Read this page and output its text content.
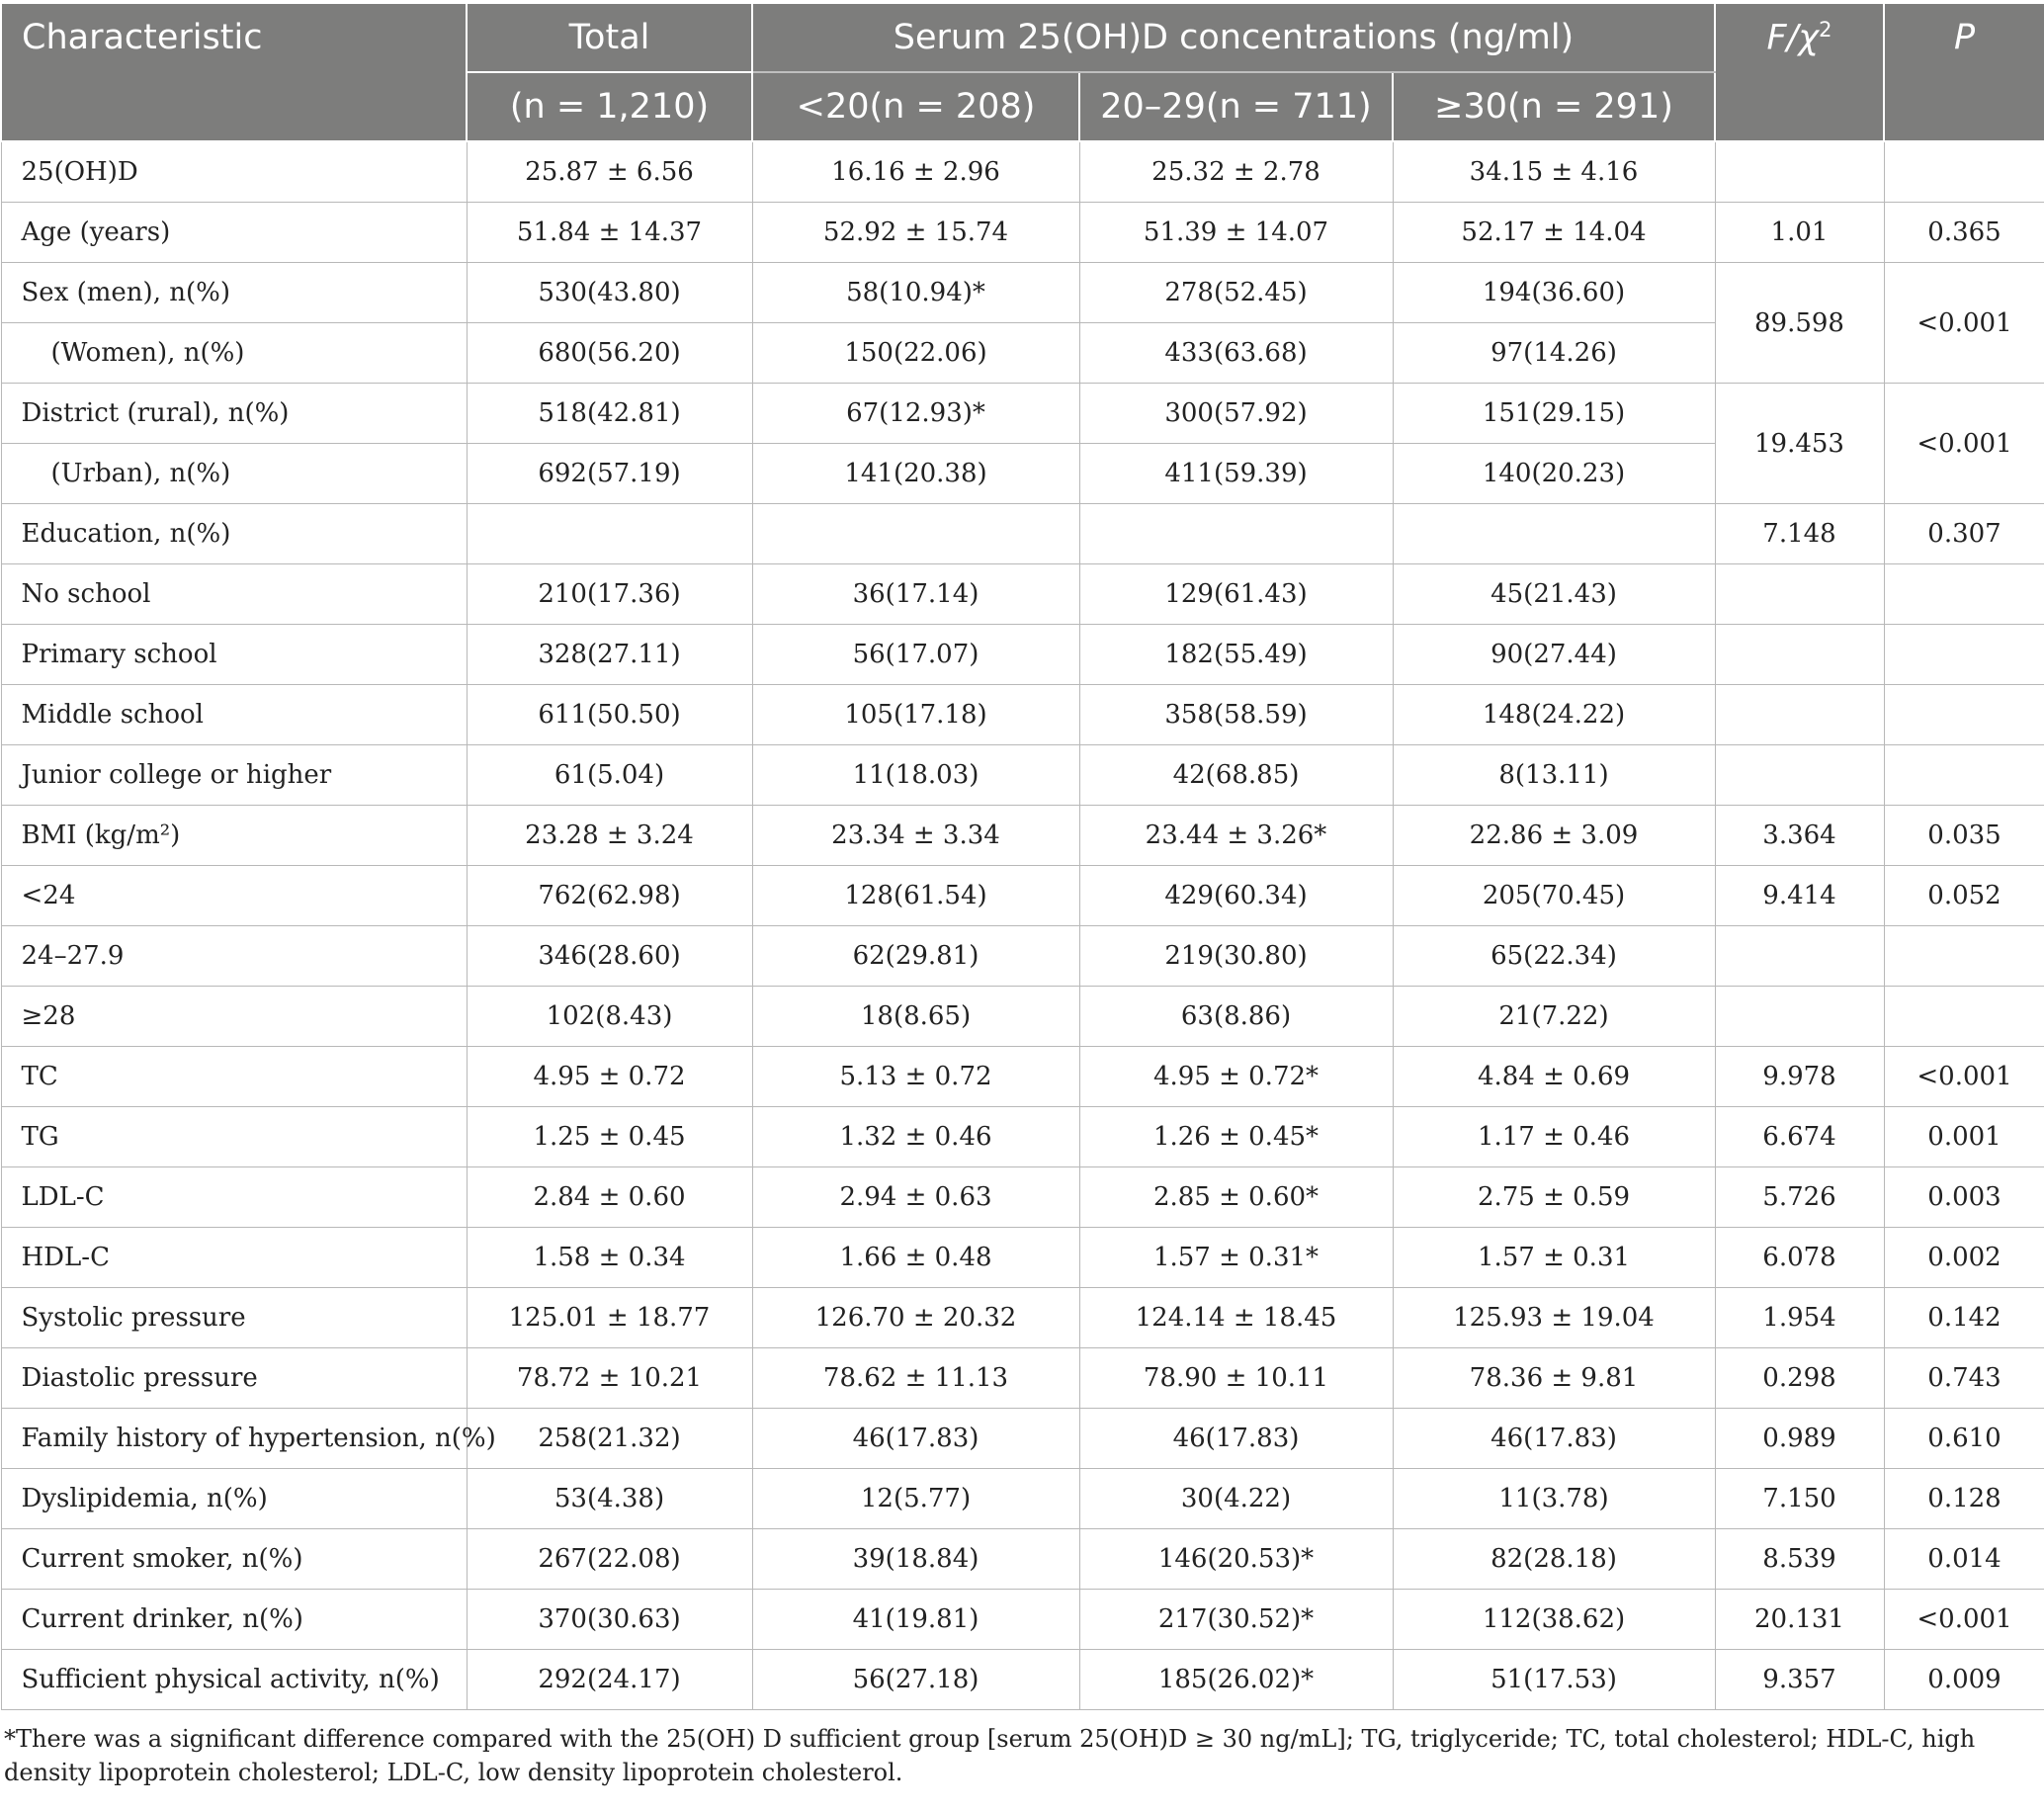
Characteristic	Total	Serum 25(OH)D concentrations (ng/ml)			$F/\chi^2$	P
	(n = 1,210)	<20(n = 208)	20–29(n = 711)	≥30(n = 291)		
25(OH)D	25.87 ± 6.56	16.16 ± 2.96	25.32 ± 2.78	34.15 ± 4.16		
Age (years)	51.84 ± 14.37	52.92 ± 15.74	51.39 ± 14.07	52.17 ± 14.04	1.01	0.365
Sex (men), n(%)	530(43.80)	58(10.94)*	278(52.45)	194(36.60)	89.598	<0.001
(Women), n(%)	680(56.20)	150(22.06)	433(63.68)	97(14.26)		
District (rural), n(%)	518(42.81)	67(12.93)*	300(57.92)	151(29.15)	19.453	<0.001
(Urban), n(%)	692(57.19)	141(20.38)	411(59.39)	140(20.23)		
Education, n(%)					7.148	0.307
No school	210(17.36)	36(17.14)	129(61.43)	45(21.43)		
Primary school	328(27.11)	56(17.07)	182(55.49)	90(27.44)		
Middle school	611(50.50)	105(17.18)	358(58.59)	148(24.22)		
Junior college or higher	61(5.04)	11(18.03)	42(68.85)	8(13.11)		
BMI (kg/m²)	23.28 ± 3.24	23.34 ± 3.34	23.44 ± 3.26*	22.86 ± 3.09	3.364	0.035
<24	762(62.98)	128(61.54)	429(60.34)	205(70.45)	9.414	0.052
24–27.9	346(28.60)	62(29.81)	219(30.80)	65(22.34)		
≥28	102(8.43)	18(8.65)	63(8.86)	21(7.22)		
TC	4.95 ± 0.72	5.13 ± 0.72	4.95 ± 0.72*	4.84 ± 0.69	9.978	<0.001
TG	1.25 ± 0.45	1.32 ± 0.46	1.26 ± 0.45*	1.17 ± 0.46	6.674	0.001
LDL-C	2.84 ± 0.60	2.94 ± 0.63	2.85 ± 0.60*	2.75 ± 0.59	5.726	0.003
HDL-C	1.58 ± 0.34	1.66 ± 0.48	1.57 ± 0.31*	1.57 ± 0.31	6.078	0.002
Systolic pressure	125.01 ± 18.77	126.70 ± 20.32	124.14 ± 18.45	125.93 ± 19.04	1.954	0.142
Diastolic pressure	78.72 ± 10.21	78.62 ± 11.13	78.90 ± 10.11	78.36 ± 9.81	0.298	0.743
Family history of hypertension, n(%)	258(21.32)	46(17.83)	46(17.83)	46(17.83)	0.989	0.610
Dyslipidemia, n(%)	53(4.38)	12(5.77)	30(4.22)	11(3.78)	7.150	0.128
Current smoker, n(%)	267(22.08)	39(18.84)	146(20.53)*	82(28.18)	8.539	0.014
Current drinker, n(%)	370(30.63)	41(19.81)	217(30.52)*	112(38.62)	20.131	<0.001
Sufficient physical activity, n(%)	292(24.17)	56(27.18)	185(26.02)*	51(17.53)	9.357	0.009
*There was a significant difference compared with the 25(OH) D sufficient group [serum 25(OH)D ≥ 30 ng/mL]; TG, triglyceride; TC, total cholesterol; HDL-C, high density lipoprotein cholesterol; LDL-C, low density lipoprotein cholesterol.
